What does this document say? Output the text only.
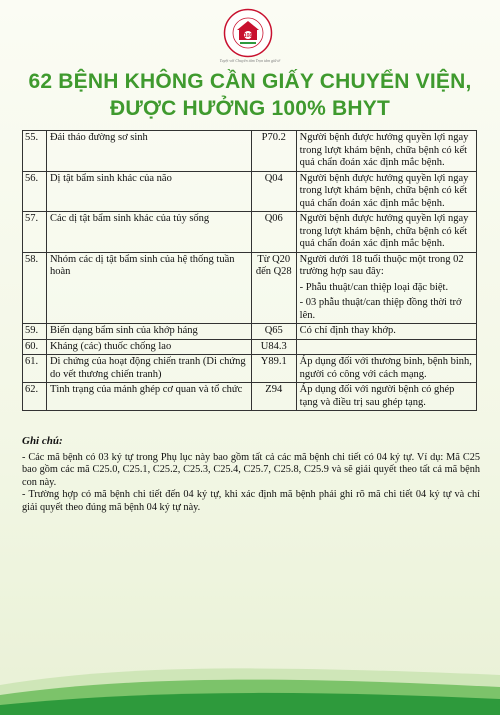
108
Tuyệt vời Chuyên tâm Trọn tâm giữ tế
62 BỆNH KHÔNG CẦN GIẤY CHUYỂN VIỆN,
ĐƯỢC HƯỞNG 100% BHYT
55.	Đái tháo đường sơ sinh	P70.2	Người bệnh được hưởng quyền lợi ngay trong lượt khám bệnh, chữa bệnh có kết quả chẩn đoán xác định mắc bệnh.

56.	Dị tật bẩm sinh khác của não	Q04	Người bệnh được hưởng quyền lợi ngay trong lượt khám bệnh, chữa bệnh có kết quả chẩn đoán xác định mắc bệnh.

57.	Các dị tật bẩm sinh khác của tủy sống	Q06	Người bệnh được hưởng quyền lợi ngay trong lượt khám bệnh, chữa bệnh có kết quả chẩn đoán xác định mắc bệnh.

58.	Nhóm các dị tật bẩm sinh của hệ thống tuần hoàn	Từ Q20 đến Q28	Người dưới 18 tuổi thuộc một trong 02 trường hợp sau đây:
- Phẫu thuật/can thiệp loại đặc biệt.
- 03 phẫu thuật/can thiệp đồng thời trở lên.

59.	Biến dạng bẩm sinh của khớp háng	Q65	Có chỉ định thay khớp.

60.	Kháng (các) thuốc chống lao	U84.3	

61.	Di chứng của hoạt động chiến tranh (Di chứng do vết thương chiến tranh)	Y89.1	Áp dụng đối với thương binh, bệnh binh, người có công với cách mạng.

62.	Tình trạng của mảnh ghép cơ quan và tổ chức	Z94	Áp dụng đối với người bệnh có ghép tạng và điều trị sau ghép tạng.
Ghi chú:

- Các mã bệnh có 03 ký tự trong Phụ lục này bao gồm tất cả các mã bệnh chi tiết có 04 ký tự. Ví dụ: Mã C25 bao gồm các mã C25.0, C25.1, C25.2, C25.3, C25.4, C25.7, C25.8, C25.9 và sẽ giải quyết theo tất cả mã bệnh con này.

- Trường hợp có mã bệnh chi tiết đến 04 ký tự, khi xác định mã bệnh phải ghi rõ mã chi tiết 04 ký tự và chỉ giải quyết theo đúng mã bệnh 04 ký tự này.
